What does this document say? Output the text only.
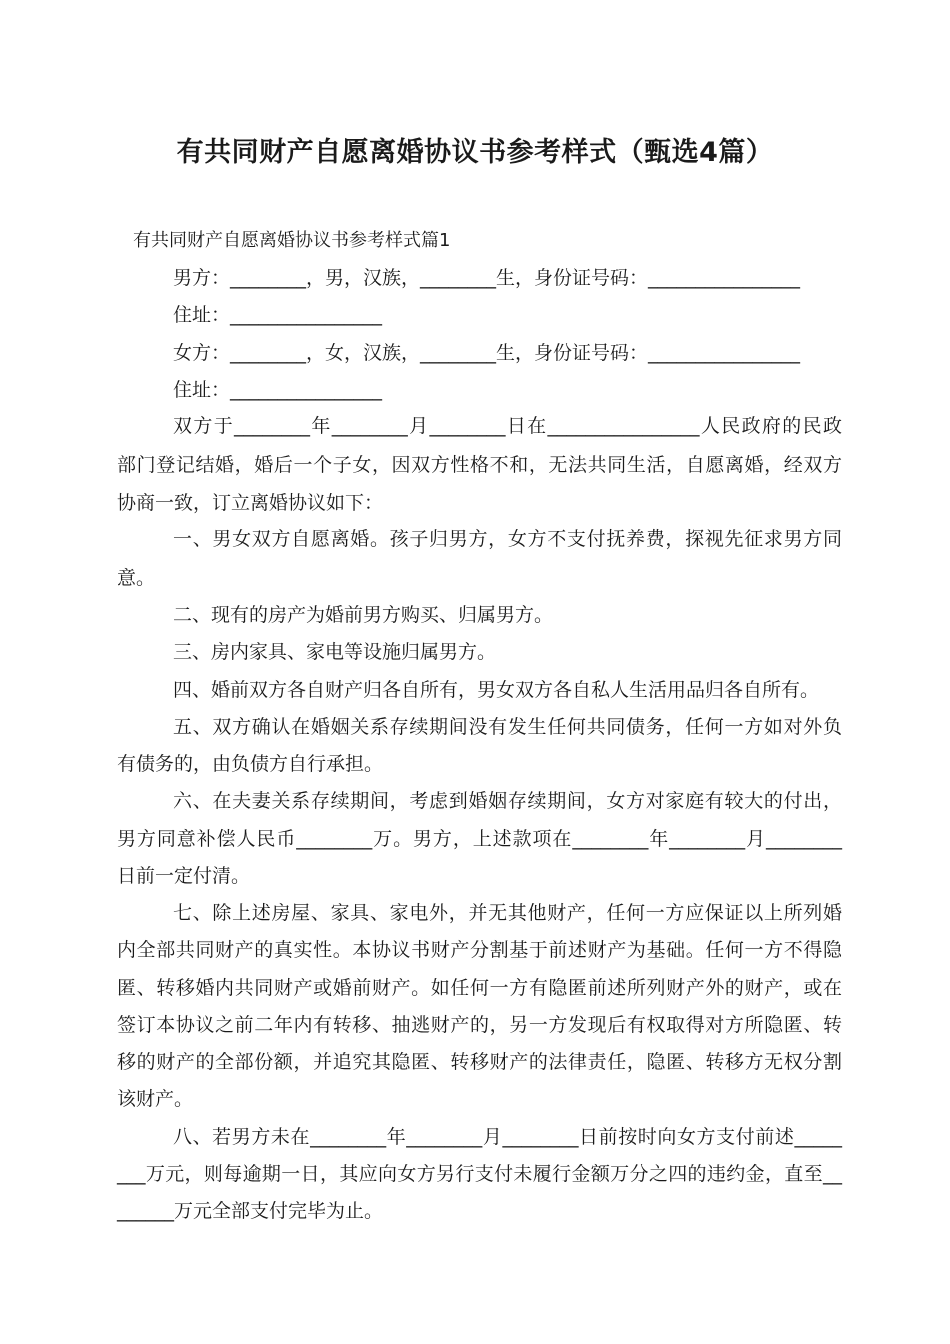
有共同财产自愿离婚协议书参考样式（甄选4篇）
有共同财产自愿离婚协议书参考样式篇1
男方：________，男，汉族，________生，身份证号码：________________
住址：________________
女方：________，女，汉族，________生，身份证号码：________________
住址：________________
双方于________年________月________日在________________人民政府的民政
部门登记结婚，婚后一个子女，因双方性格不和，无法共同生活，自愿离婚，经双方
协商一致，订立离婚协议如下：
一、男女双方自愿离婚。孩子归男方，女方不支付抚养费，探视先征求男方同
意。
二、现有的房产为婚前男方购买、归属男方。
三、房内家具、家电等设施归属男方。
四、婚前双方各自财产归各自所有，男女双方各自私人生活用品归各自所有。
五、双方确认在婚姻关系存续期间没有发生任何共同债务，任何一方如对外负
有债务的，由负债方自行承担。
六、在夫妻关系存续期间，考虑到婚姻存续期间，女方对家庭有较大的付出，
男方同意补偿人民币________万。男方，上述款项在________年________月________
日前一定付清。
七、除上述房屋、家具、家电外，并无其他财产，任何一方应保证以上所列婚
内全部共同财产的真实性。本协议书财产分割基于前述财产为基础。任何一方不得隐
匿、转移婚内共同财产或婚前财产。如任何一方有隐匿前述所列财产外的财产，或在
签订本协议之前二年内有转移、抽逃财产的，另一方发现后有权取得对方所隐匿、转
移的财产的全部份额，并追究其隐匿、转移财产的法律责任，隐匿、转移方无权分割
该财产。
八、若男方未在________年________月________日前按时向女方支付前述_____
___万元，则每逾期一日，其应向女方另行支付未履行金额万分之四的违约金，直至__
______万元全部支付完毕为止。
